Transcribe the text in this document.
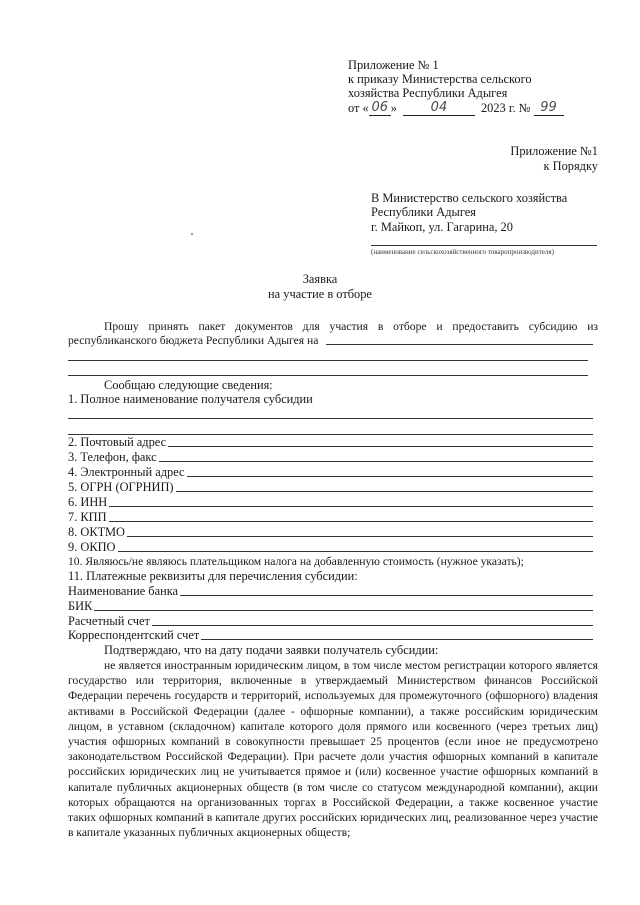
Приложение № 1
к приказу Министерства сельского
хозяйства Республики Адыгея
от « 06 »	04	2023 г. № 99
Приложение №1
к Порядку
В Министерство сельского хозяйства
Республики Адыгея
г. Майкоп, ул. Гагарина, 20
(наименование сельскохозяйственного товаропроизводителя)
Заявка
на участие в отборе
Прошу принять пакет документов для участия в отборе и предоставить субсидию из
республиканского бюджета Республики Адыгея на
Сообщаю следующие сведения:
1. Полное наименование получателя субсидии
2. Почтовый адрес
3. Телефон, факс
4. Электронный адрес
5. ОГРН (ОГРНИП)
6. ИНН
7. КПП
8. ОКТМО
9. ОКПО
10. Являюсь/не являюсь плательщиком налога на добавленную стоимость (нужное указать);
11. Платежные реквизиты для перечисления субсидии:
Наименование банка
БИК
Расчетный счет
Корреспондентский счет
Подтверждаю, что на дату подачи заявки получатель субсидии:
не является иностранным юридическим лицом, в том числе местом регистрации которого является государство или территория, включенные в утверждаемый Министерством финансов Российской Федерации перечень государств и территорий, используемых для промежуточного (офшорного) владения активами в Российской Федерации (далее - офшорные компании), а также российским юридическим лицом, в уставном (складочном) капитале которого доля прямого или косвенного (через третьих лиц) участия офшорных компаний в совокупности превышает 25 процентов (если иное не предусмотрено законодательством Российской Федерации). При расчете доли участия офшорных компаний в капитале российских юридических лиц не учитывается прямое и (или) косвенное участие офшорных компаний в капитале публичных акционерных обществ (в том числе со статусом международной компании), акции которых обращаются на организованных торгах в Российской Федерации, а также косвенное участие таких офшорных компаний в капитале других российских юридических лиц, реализованное через участие в капитале указанных публичных акционерных обществ;
